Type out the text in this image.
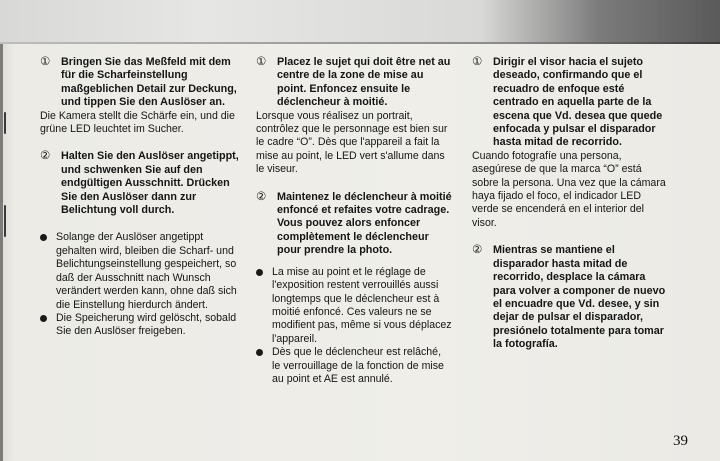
① Bringen Sie das Meßfeld mit dem für die Scharfeinstellung maßgeblichen Detail zur Deckung, und tippen Sie den Auslöser an.

Die Kamera stellt die Schärfe ein, und die grüne LED leuchtet im Sucher.

② Halten Sie den Auslöser angetippt, und schwenken Sie auf den endgültigen Ausschnitt. Drücken Sie den Auslöser dann zur Belichtung voll durch.
Solange der Auslöser angetippt gehalten wird, bleiben die Scharf- und Belichtungseinstellung gespeichert, so daß der Ausschnitt nach Wunsch verändert werden kann, ohne daß sich die Einstellung hierdurch ändert.
Die Speicherung wird gelöscht, sobald Sie den Auslöser freigeben.
① Placez le sujet qui doit être net au centre de la zone de mise au point. Enfoncez ensuite le déclencheur à moitié.

Lorsque vous réalisez un portrait, contrôlez que le personnage est bien sur le cadre “O”. Dès que l'appareil a fait la mise au point, le LED vert s'allume dans le viseur.

② Maintenez le déclencheur à moitié enfoncé et refaites votre cadrage. Vous pouvez alors enfoncer complètement le déclencheur pour prendre la photo.
La mise au point et le réglage de l'exposition restent verrouillés aussi longtemps que le déclencheur est à moitié enfoncé. Ces valeurs ne se modifient pas, même si vous déplacez l'appareil.
Dès que le déclencheur est relâché, le verrouillage de la fonction de mise au point et AE est annulé.
① Dirigir el visor hacia el sujeto deseado, confirmando que el recuadro de enfoque esté centrado en aquella parte de la escena que Vd. desea que quede enfocada y pulsar el disparador hasta mitad de recorrido.

Cuando fotografíe una persona, asegúrese de que la marca “O” está sobre la persona. Una vez que la cámara haya fijado el foco, el indicador LED verde se encenderá en el interior del visor.

② Mientras se mantiene el disparador hasta mitad de recorrido, desplace la cámara para volver a componer de nuevo el encuadre que Vd. desee, y sin dejar de pulsar el disparador, presiónelo totalmente para tomar la fotografía.
39
